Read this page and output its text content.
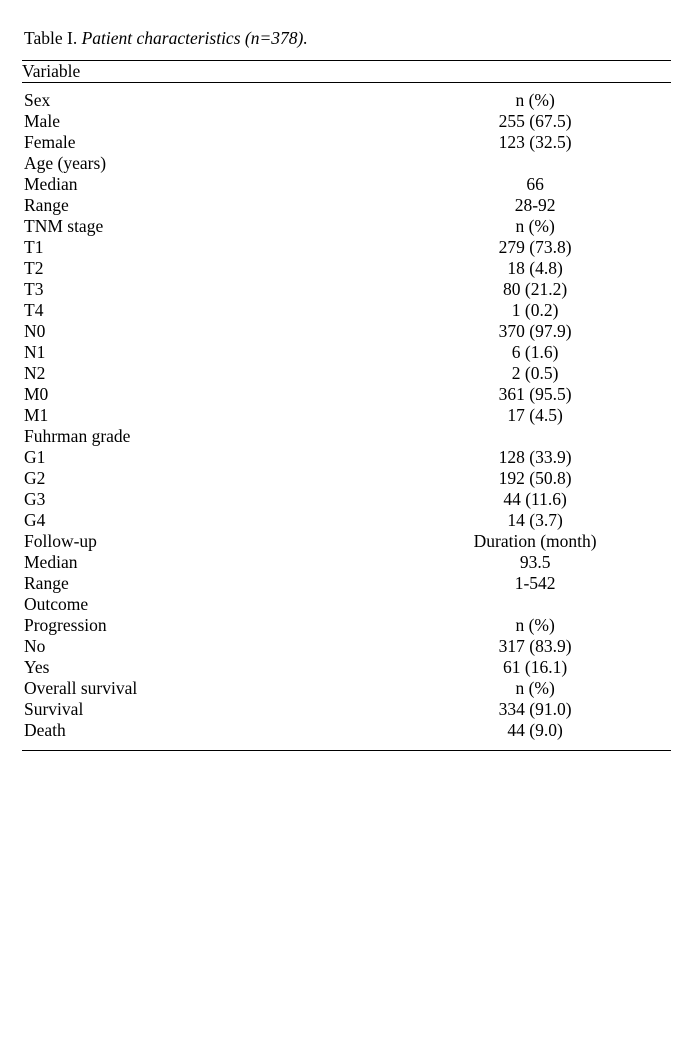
Table I. Patient characteristics (n=378).
Variable	
Sex	n (%)
Male	255 (67.5)
Female	123 (32.5)
Age (years)	
Median	66
Range	28-92
TNM stage	n (%)
T1	279 (73.8)
T2	18 (4.8)
T3	80 (21.2)
T4	1 (0.2)
N0	370 (97.9)
N1	6 (1.6)
N2	2 (0.5)
M0	361 (95.5)
M1	17 (4.5)
Fuhrman grade	
G1	128 (33.9)
G2	192 (50.8)
G3	44 (11.6)
G4	14 (3.7)
Follow-up	Duration (month)
Median	93.5
Range	1-542
Outcome	
Progression	n (%)
No	317 (83.9)
Yes	61 (16.1)
Overall survival	n (%)
Survival	334 (91.0)
Death	44 (9.0)
